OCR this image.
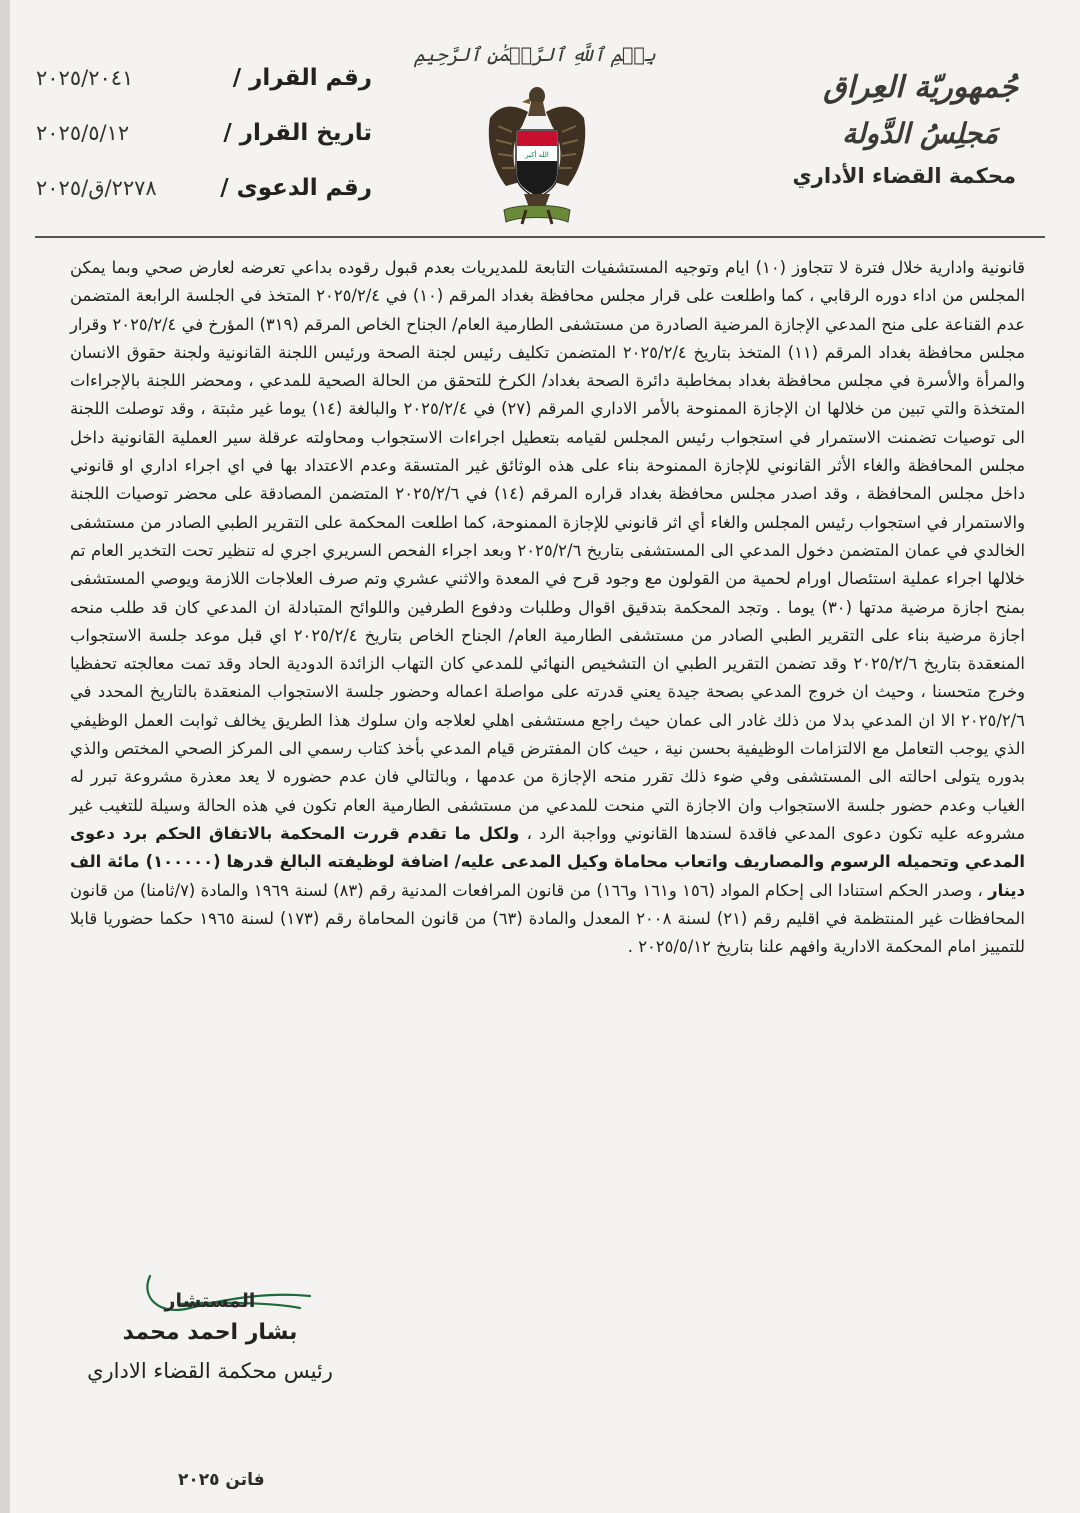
جُمهوريّة العِراق
مَجلِسُ الدَّولة
محكمة القضاء الأداري
بِسۡمِ ٱللَّهِ ٱلرَّحۡمَٰنِ ٱلرَّحِيمِ
الله أكبر
رقم القرار /
٢٠٢٥/٢٠٤١
تاريخ القرار /
٢٠٢٥/٥/١٢
رقم الدعوى /
٢٢٧٨/ق/٢٠٢٥

قانونية وادارية خلال فترة لا تتجاوز (١٠) ايام وتوجيه المستشفيات التابعة للمديريات بعدم قبول رقوده بداعي تعرضه لعارض صحي وبما يمكن المجلس من اداء دوره الرقابي ، كما واطلعت على قرار مجلس محافظة بغداد المرقم (١٠) في ٢٠٢٥/٢/٤ المتخذ في الجلسة الرابعة المتضمن عدم القناعة على منح المدعي الإجازة المرضية الصادرة من مستشفى الطارمية العام/ الجناح الخاص المرقم (٣١٩) المؤرخ في ٢٠٢٥/٢/٤ وقرار مجلس محافظة بغداد المرقم (١١) المتخذ بتاريخ ٢٠٢٥/٢/٤ المتضمن تكليف رئيس لجنة الصحة ورئيس اللجنة القانونية ولجنة حقوق الانسان والمرأة والأسرة في مجلس محافظة بغداد بمخاطبة دائرة الصحة بغداد/ الكرخ للتحقق من الحالة الصحية للمدعي ، ومحضر اللجنة بالإجراءات المتخذة والتي تبين من خلالها ان الإجازة الممنوحة بالأمر الاداري المرقم (٢٧) في ٢٠٢٥/٢/٤ والبالغة (١٤) يوما غير مثبتة ، وقد توصلت اللجنة الى توصيات تضمنت الاستمرار في استجواب رئيس المجلس لقيامه بتعطيل اجراءات الاستجواب ومحاولته عرقلة سير العملية القانونية داخل مجلس المحافظة والغاء الأثر القانوني للإجازة الممنوحة بناء على هذه الوثائق غير المتسقة وعدم الاعتداد بها في اي اجراء اداري او قانوني داخل مجلس المحافظة ، وقد اصدر مجلس محافظة بغداد قراره المرقم (١٤) في ٢٠٢٥/٢/٦ المتضمن المصادقة على محضر توصيات اللجنة والاستمرار في استجواب رئيس المجلس والغاء أي اثر قانوني للإجازة الممنوحة، كما اطلعت المحكمة على التقرير الطبي الصادر من مستشفى الخالدي في عمان المتضمن دخول المدعي الى المستشفى بتاريخ ٢٠٢٥/٢/٦ وبعد اجراء الفحص السريري اجري له تنظير تحت التخدير العام تم خلالها اجراء عملية استئصال اورام لحمية من القولون مع وجود قرح في المعدة والاثني عشري وتم صرف العلاجات اللازمة ويوصي المستشفى بمنح اجازة مرضية مدتها (٣٠) يوما . وتجد المحكمة بتدقيق اقوال وطلبات ودفوع الطرفين واللوائح المتبادلة ان المدعي كان قد طلب منحه اجازة مرضية بناء على التقرير الطبي الصادر من مستشفى الطارمية العام/ الجناح الخاص بتاريخ ٢٠٢٥/٢/٤ اي قبل موعد جلسة الاستجواب المنعقدة بتاريخ ٢٠٢٥/٢/٦ وقد تضمن التقرير الطبي ان التشخيص النهائي للمدعي كان التهاب الزائدة الدودية الحاد وقد تمت معالجته تحفظيا وخرج متحسنا ، وحيث ان خروج المدعي بصحة جيدة يعني قدرته على مواصلة اعماله وحضور جلسة الاستجواب المنعقدة بالتاريخ المحدد في ٢٠٢٥/٢/٦ الا ان المدعي بدلا من ذلك غادر الى عمان حيث راجع مستشفى اهلي لعلاجه وان سلوك هذا الطريق يخالف ثوابت العمل الوظيفي الذي يوجب التعامل مع الالتزامات الوظيفية بحسن نية ، حيث كان المفترض قيام المدعي بأخذ كتاب رسمي الى المركز الصحي المختص والذي بدوره يتولى احالته الى المستشفى وفي ضوء ذلك تقرر منحه الإجازة من عدمها ، وبالتالي فان عدم حضوره لا يعد معذرة مشروعة تبرر له الغياب وعدم حضور جلسة الاستجواب وان الاجازة التي منحت للمدعي من مستشفى الطارمية العام تكون في هذه الحالة وسيلة للتغيب غير مشروعه عليه تكون دعوى المدعي فاقدة لسندها القانوني وواجبة الرد ، ولكل ما تقدم قررت المحكمة بالاتفاق الحكم برد دعوى المدعي وتحميله الرسوم والمصاريف واتعاب محاماة وكيل المدعى عليه/ اضافة لوظيفته البالغ قدرها (١٠٠٠٠٠) مائة الف دينار ، وصدر الحكم استنادا الى إحكام المواد (١٥٦ و١٦١ و١٦٦) من قانون المرافعات المدنية رقم (٨٣) لسنة ١٩٦٩ والمادة (٧/ثامنا) من قانون المحافظات غير المنتظمة في اقليم رقم (٢١) لسنة ٢٠٠٨ المعدل والمادة (٦٣) من قانون المحاماة رقم (١٧٣) لسنة ١٩٦٥ حكما حضوريا قابلا للتمييز امام المحكمة الادارية وافهم علنا بتاريخ ٢٠٢٥/٥/١٢ .

المستشار
بشار احمد محمد
رئيس محكمة القضاء الاداري
فاتن ٢٠٢٥
